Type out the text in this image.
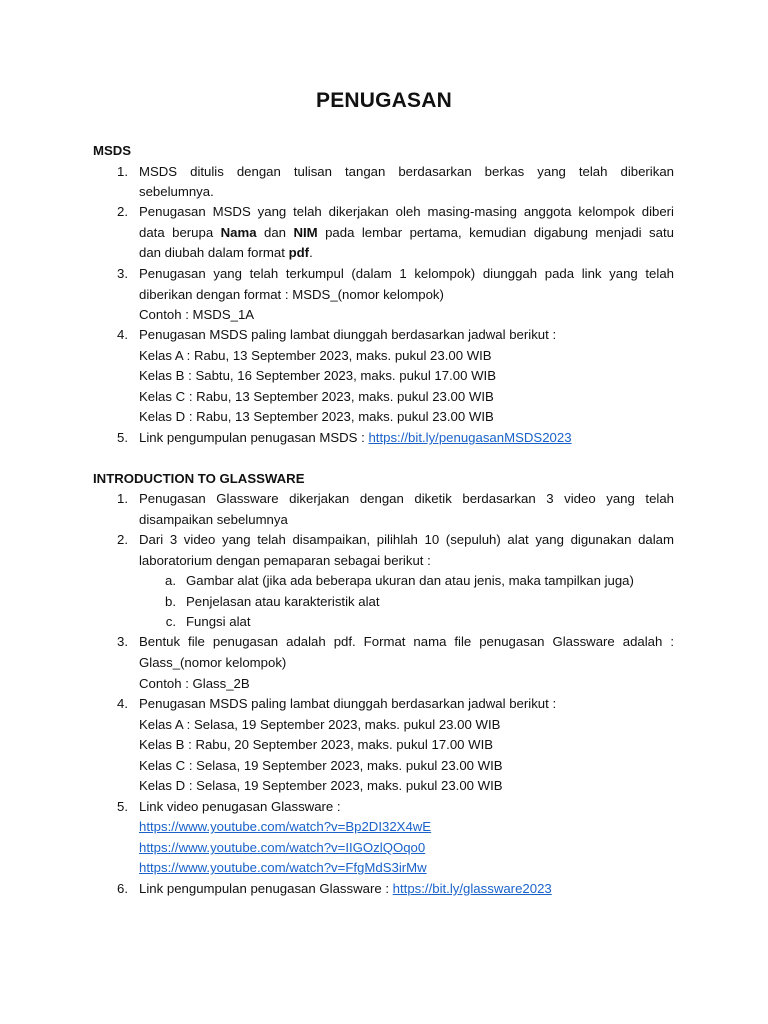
PENUGASAN
MSDS
1. MSDS ditulis dengan tulisan tangan berdasarkan berkas yang telah diberikan
sebelumnya.
2. Penugasan MSDS yang telah dikerjakan oleh masing-masing anggota kelompok diberi
data berupa Nama dan NIM pada lembar pertama, kemudian digabung menjadi satu
dan diubah dalam format pdf.
3. Penugasan yang telah terkumpul (dalam 1 kelompok) diunggah pada link yang telah
diberikan dengan format : MSDS_(nomor kelompok)
Contoh : MSDS_1A
4. Penugasan MSDS paling lambat diunggah berdasarkan jadwal berikut :
Kelas A : Rabu, 13 September 2023, maks. pukul 23.00 WIB
Kelas B : Sabtu, 16 September 2023, maks. pukul 17.00 WIB
Kelas C : Rabu, 13 September 2023, maks. pukul 23.00 WIB
Kelas D : Rabu, 13 September 2023, maks. pukul 23.00 WIB
5. Link pengumpulan penugasan MSDS : https://bit.ly/penugasanMSDS2023
INTRODUCTION TO GLASSWARE
1. Penugasan Glassware dikerjakan dengan diketik berdasarkan 3 video yang telah
disampaikan sebelumnya
2. Dari 3 video yang telah disampaikan, pilihlah 10 (sepuluh) alat yang digunakan dalam
laboratorium dengan pemaparan sebagai berikut :
a. Gambar alat (jika ada beberapa ukuran dan atau jenis, maka tampilkan juga)
b. Penjelasan atau karakteristik alat
c. Fungsi alat
3. Bentuk file penugasan adalah pdf. Format nama file penugasan Glassware adalah :
Glass_(nomor kelompok)
Contoh : Glass_2B
4. Penugasan MSDS paling lambat diunggah berdasarkan jadwal berikut :
Kelas A : Selasa, 19 September 2023, maks. pukul 23.00 WIB
Kelas B : Rabu, 20 September 2023, maks. pukul 17.00 WIB
Kelas C : Selasa, 19 September 2023, maks. pukul 23.00 WIB
Kelas D : Selasa, 19 September 2023, maks. pukul 23.00 WIB
5. Link video penugasan Glassware :
https://www.youtube.com/watch?v=Bp2DI32X4wE
https://www.youtube.com/watch?v=IIGOzlQOqo0
https://www.youtube.com/watch?v=FfgMdS3irMw
6. Link pengumpulan penugasan Glassware : https://bit.ly/glassware2023
